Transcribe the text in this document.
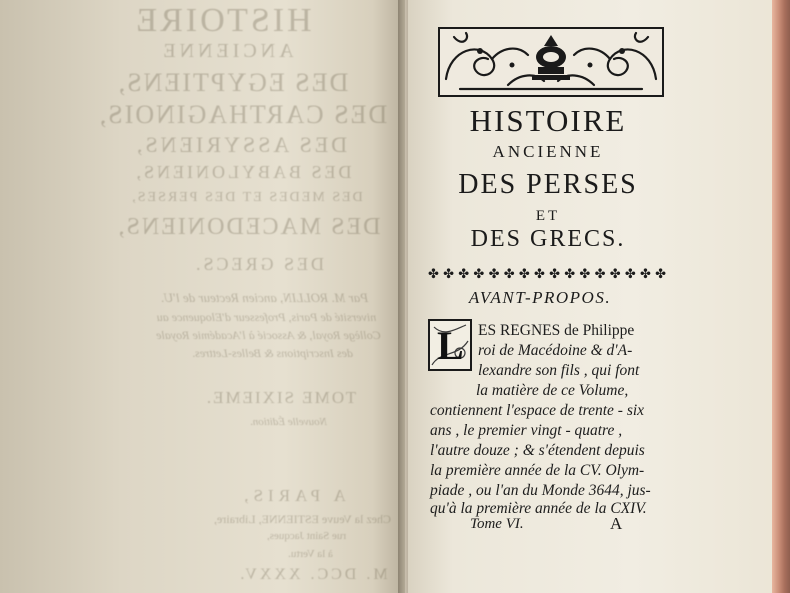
HISTOIRE
ANCIENNE
DES EGYPTIENS,
DES CARTHAGINOIS,
DES ASSYRIENS,
DES BABYLONIENS,
DES MEDES ET DES PERSES,
DES MACEDONIENS,
DES GRECS.
Par M. ROLLIN, ancien Recteur de l'U.
niversité de Paris, Professeur d'Eloquence au
Collège Royal, & Associé à l'Académie Royale
des Inscriptions & Belles-Lettres.
TOME SIXIEME.
Nouvelle Édition.
A PARIS,
Chez la Veuve ESTIENNE, Libraire,
rue Saint Jacques,
à la Vertu.
M. DCC. XXXV.
HISTOIRE
ANCIENNE
DES PERSES
ET
DES GRECS.
✤ ✤ ✤ ✤ ✤ ✤ ✤ ✤ ✤ ✤ ✤ ✤ ✤ ✤ ✤ ✤
AVANT-PROPOS.
L ES REGNES de Philippe
roi de Macédoine & d'A-
lexandre son fils , qui font
la matière de ce Volume,
contiennent l'espace de trente - six
ans , le premier vingt - quatre ,
l'autre douze ; & s'étendent depuis
la première année de la CV. Olym-
piade , ou l'an du Monde 3644, jus-
qu'à la première année de la CXIV.
Tome VI.	A
